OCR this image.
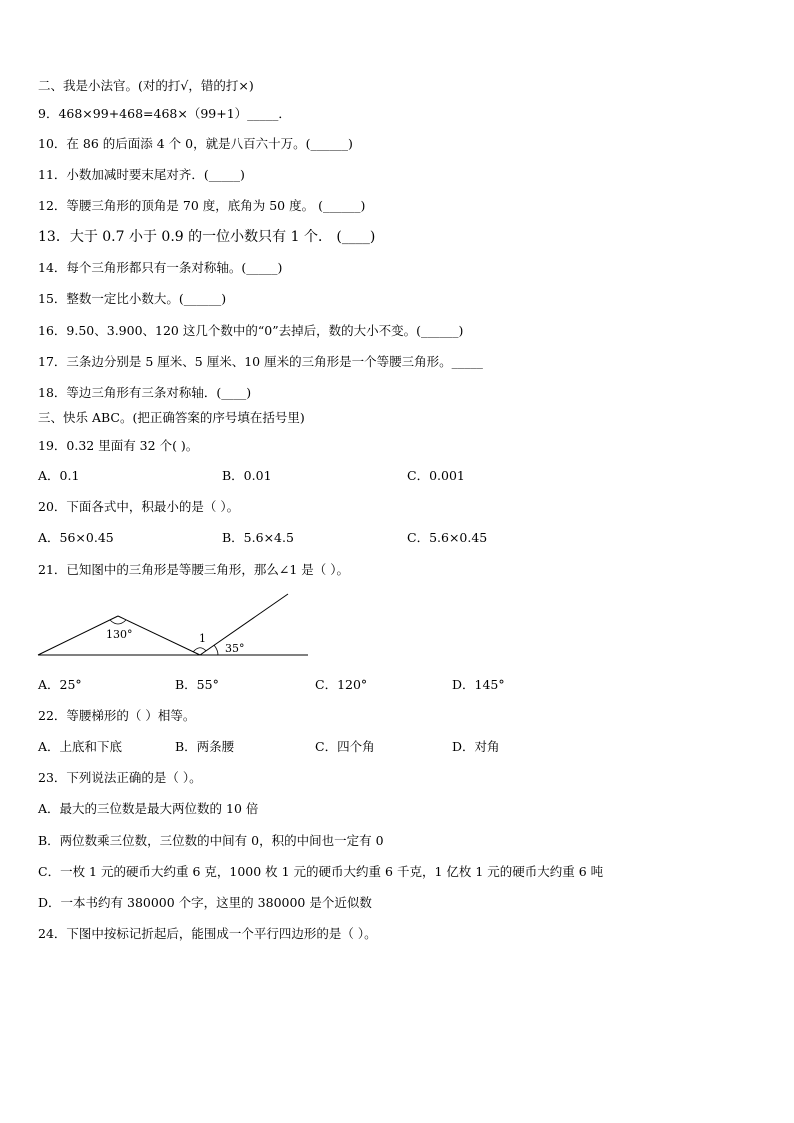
二、我是小法官。(对的打√，错的打×)
9．468×99+468=468×（99+1）_____．
10．在 86 的后面添 4 个 0，就是八百六十万。(______)
11．小数加减时要末尾对齐．(_____)
12．等腰三角形的顶角是 70 度，底角为 50 度。 (______)
13．大于 0.7 小于 0.9 的一位小数只有 1 个． (____)
14．每个三角形都只有一条对称轴。(_____)
15．整数一定比小数大。(______)
16．9.50、3.900、120 这几个数中的“0”去掉后，数的大小不变。(______)
17．三条边分别是 5 厘米、5 厘米、10 厘米的三角形是一个等腰三角形。_____
18．等边三角形有三条对称轴．(____)
三、快乐 ABC。(把正确答案的序号填在括号里)
19．0.32 里面有 32 个( )。
A．0.1	B．0.01	C．0.001
20．下面各式中，积最小的是（ ）。
A．56×0.45	B．5.6×4.5	C．5.6×0.45
21．已知图中的三角形是等腰三角形，那么∠1 是（ ）。
130°	1
35°
A．25°	B．55°	C．120°	D．145°
22．等腰梯形的（ ）相等。
A．上底和下底	B．两条腰	C．四个角	D．对角
23．下列说法正确的是（ ）。
A．最大的三位数是最大两位数的 10 倍
B．两位数乘三位数，三位数的中间有 0，积的中间也一定有 0
C．一枚 1 元的硬币大约重 6 克，1000 枚 1 元的硬币大约重 6 千克，1 亿枚 1 元的硬币大约重 6 吨
D．一本书约有 380000 个字，这里的 380000 是个近似数
24．下图中按标记折起后，能围成一个平行四边形的是（ ）。
